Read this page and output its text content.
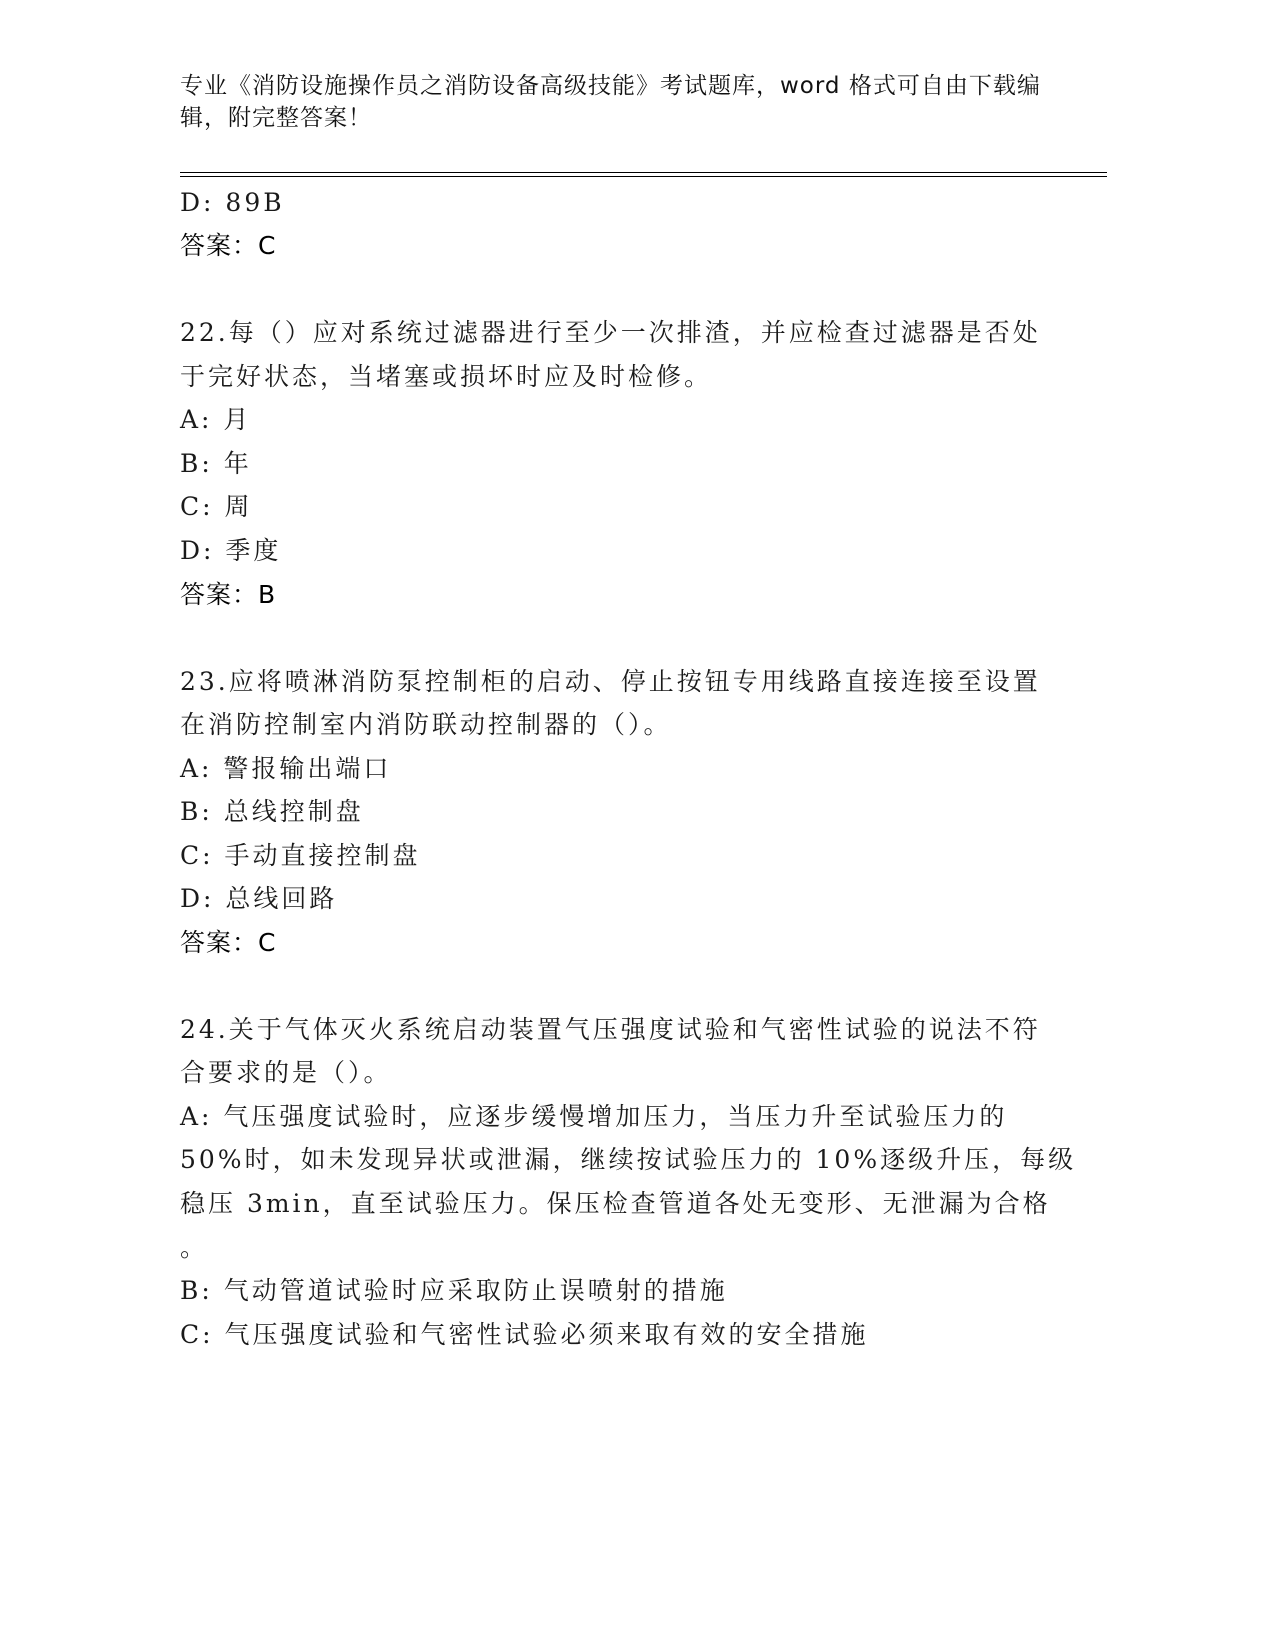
专业《消防设施操作员之消防设备高级技能》考试题库，word 格式可自由下载编
辑，附完整答案！
D: 89B
答案：C
22.每（）应对系统过滤器进行至少一次排渣，并应检查过滤器是否处
于完好状态，当堵塞或损坏时应及时检修。
A: 月
B: 年
C: 周
D: 季度
答案：B
23.应将喷淋消防泵控制柜的启动、停止按钮专用线路直接连接至设置
在消防控制室内消防联动控制器的（）。
A: 警报输出端口
B: 总线控制盘
C: 手动直接控制盘
D: 总线回路
答案：C
24.关于气体灭火系统启动装置气压强度试验和气密性试验的说法不符
合要求的是（）。
A: 气压强度试验时，应逐步缓慢增加压力，当压力升至试验压力的
50%时，如未发现异状或泄漏，继续按试验压力的 10%逐级升压，每级
稳压 3min，直至试验压力。保压检查管道各处无变形、无泄漏为合格
。
B: 气动管道试验时应采取防止误喷射的措施
C: 气压强度试验和气密性试验必须来取有效的安全措施
